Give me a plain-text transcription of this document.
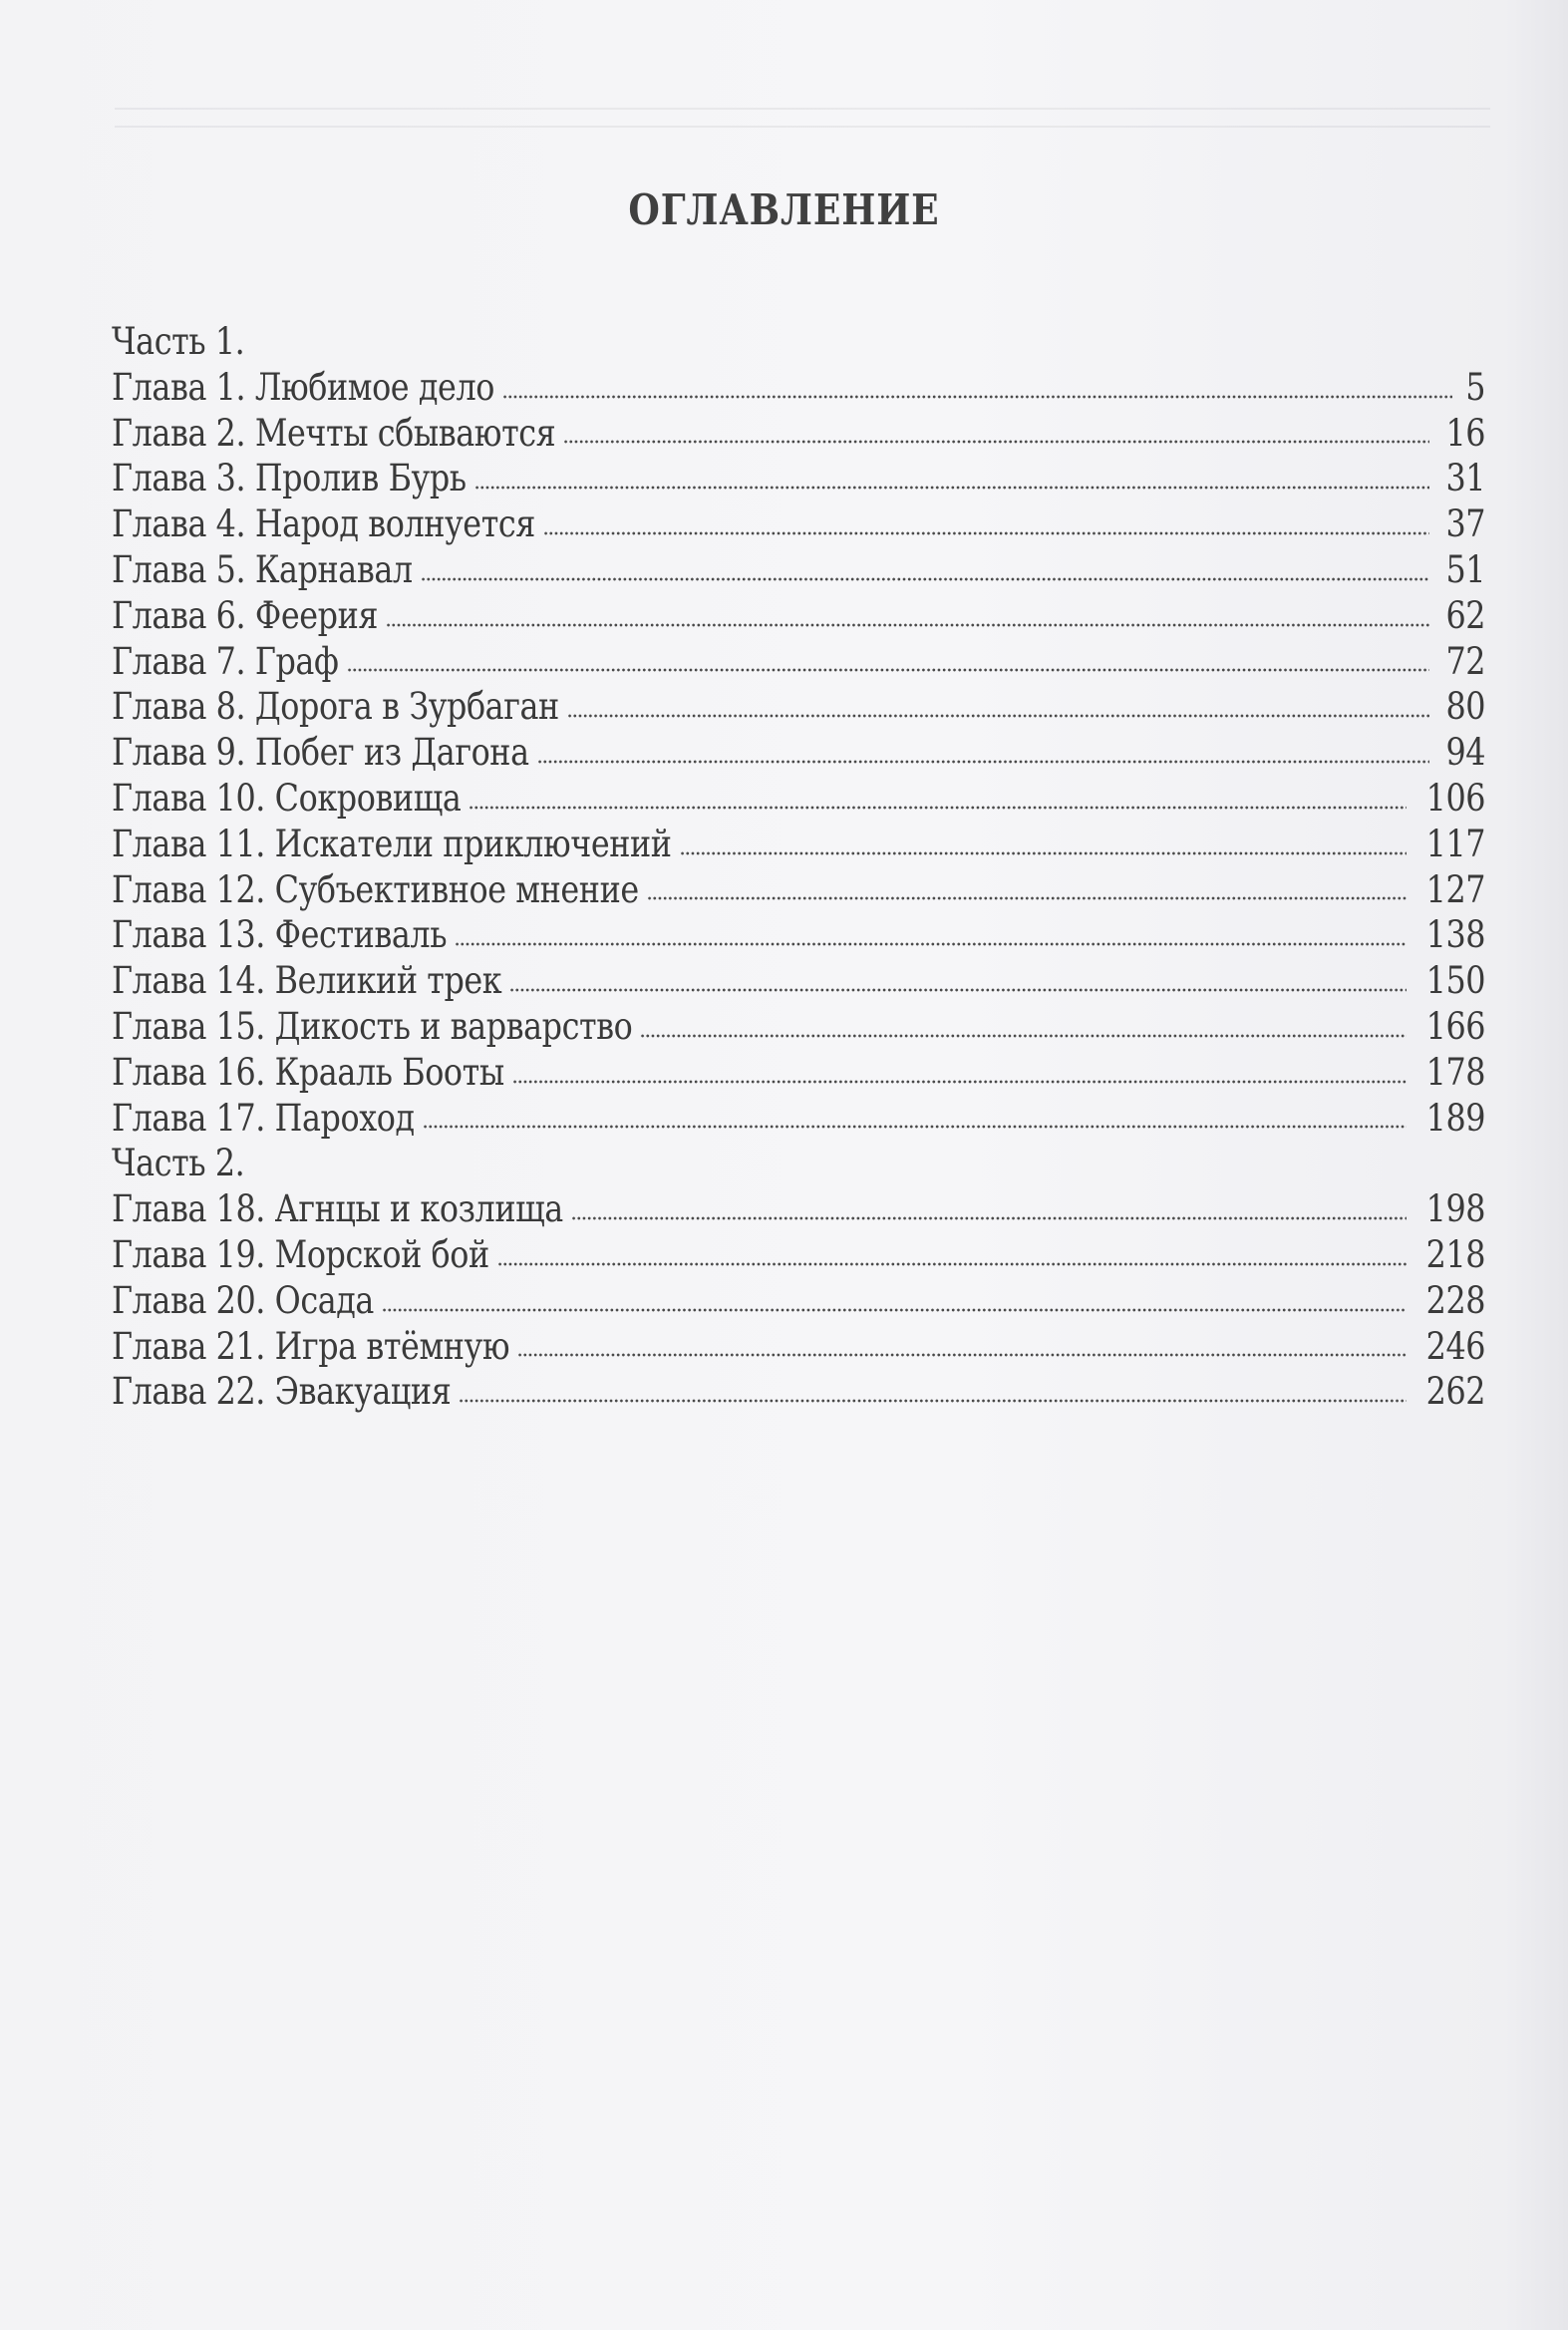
ОГЛАВЛЕНИЕ
Часть 1.
Глава 1. Любимое дело	5
Глава 2. Мечты сбываются	16
Глава 3. Пролив Бурь	31
Глава 4. Народ волнуется	37
Глава 5. Карнавал	51
Глава 6. Феерия	62
Глава 7. Граф	72
Глава 8. Дорога в Зурбаган	80
Глава 9. Побег из Дагона	94
Глава 10. Сокровища	106
Глава 11. Искатели приключений	117
Глава 12. Субъективное мнение	127
Глава 13. Фестиваль	138
Глава 14. Великий трек	150
Глава 15. Дикость и варварство	166
Глава 16. Крааль Бооты	178
Глава 17. Пароход	189
Часть 2.
Глава 18. Агнцы и козлища	198
Глава 19. Морской бой	218
Глава 20. Осада	228
Глава 21. Игра втёмную	246
Глава 22. Эвакуация	262
